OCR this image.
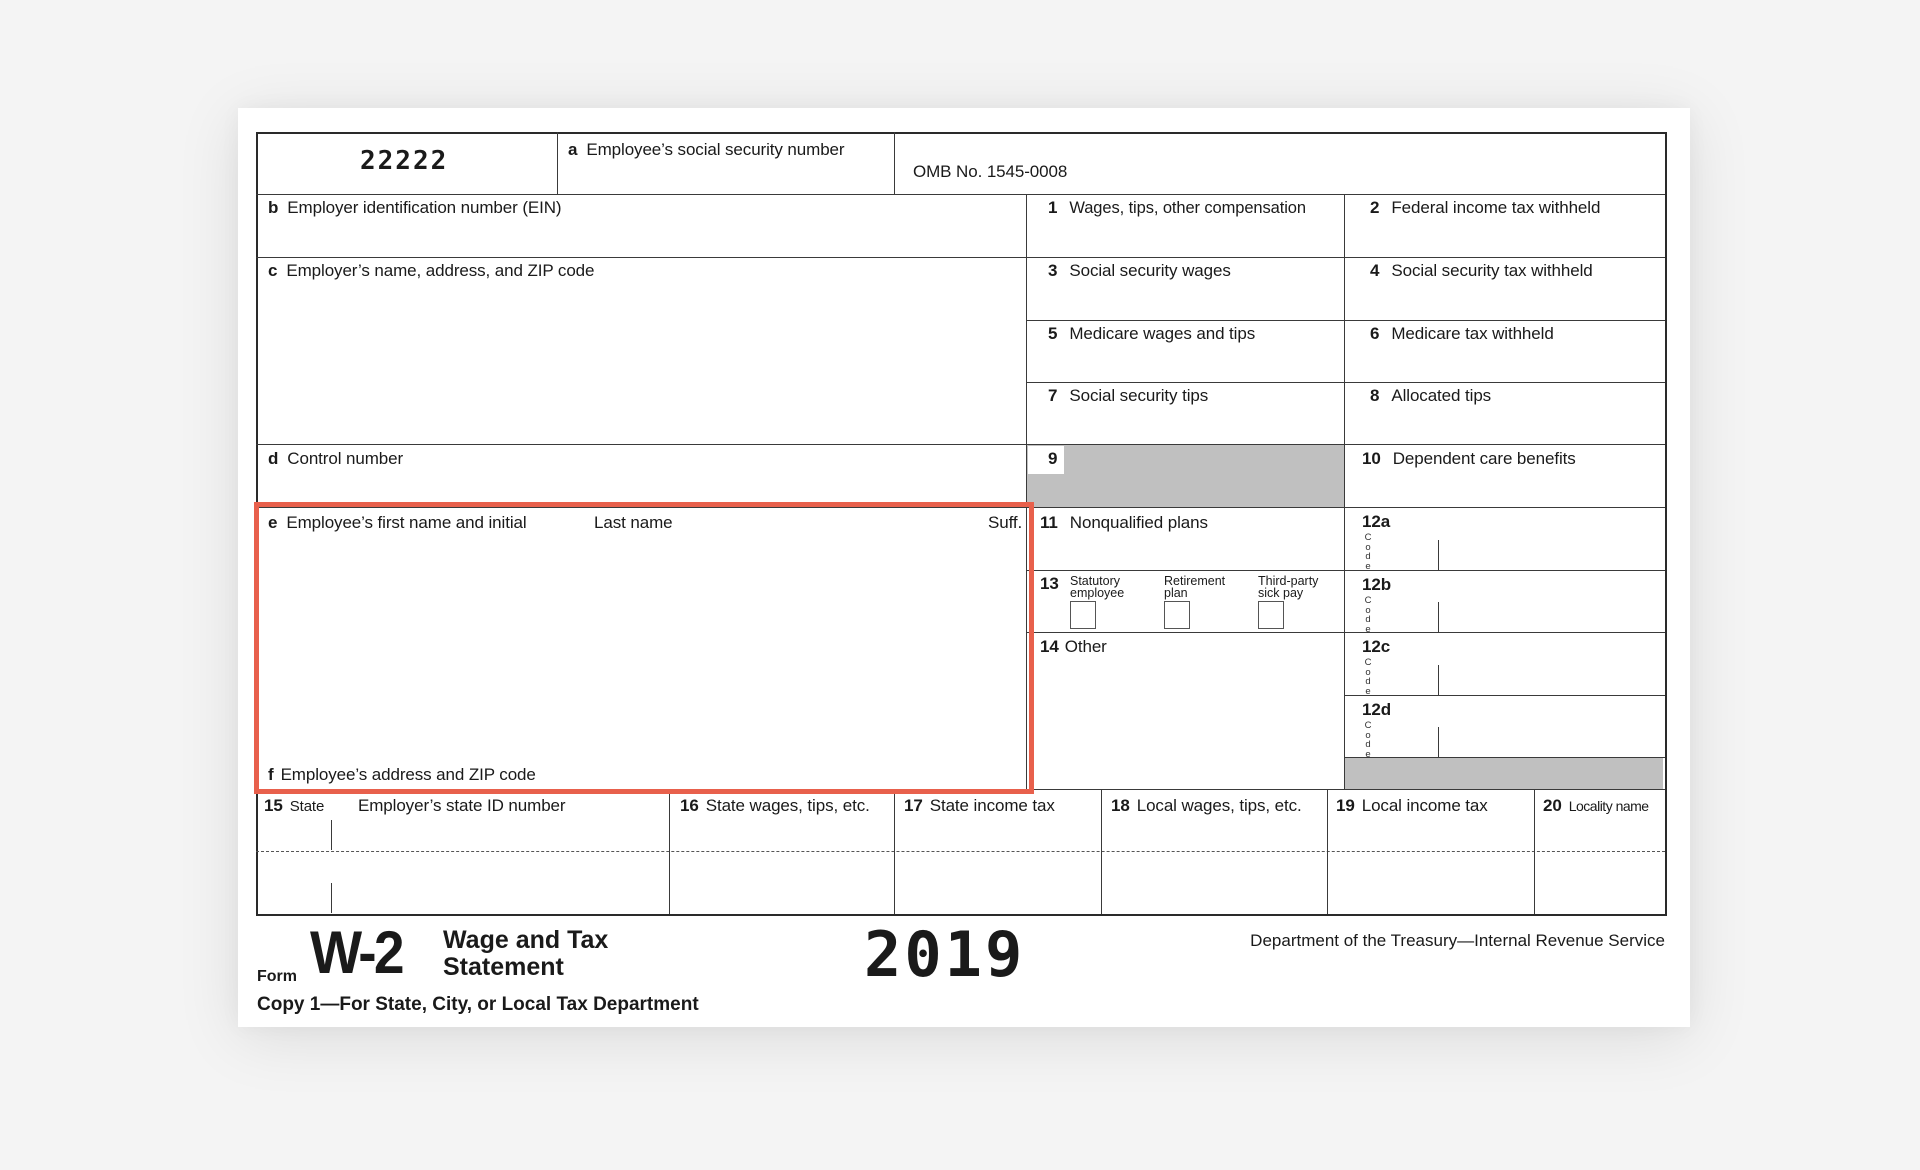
22222	a Employee’s social security number
OMB No. 1545-0008
b Employer identification number (EIN)
c Employer’s name, address, and ZIP code
d Control number
e Employee’s first name and initial	Last name	Suff.
f Employee’s address and ZIP code
1 Wages, tips, other compensation
3 Social security wages
5 Medicare wages and tips
7 Social security tips
9
11 Nonqualified plans
13 Statutory
employee
Retirement
plan
Third-party
sick pay
14 Other
2 Federal income tax withheld
4 Social security tax withheld
6 Medicare tax withheld
8 Allocated tips
10 Dependent care benefits
12a
C
o
d
e
12b
C
o
d
e
12c
C
o
d
e
12d
C
o
d
e
15 State Employer’s state ID number	16 State wages, tips, etc. 17 State income tax	18 Local wages, tips, etc. 19 Local income tax	20 Locality name
Form W-2 Wage and Tax
Statement	2019	Department of the Treasury—Internal Revenue Service
Copy 1—For State, City, or Local Tax Department
